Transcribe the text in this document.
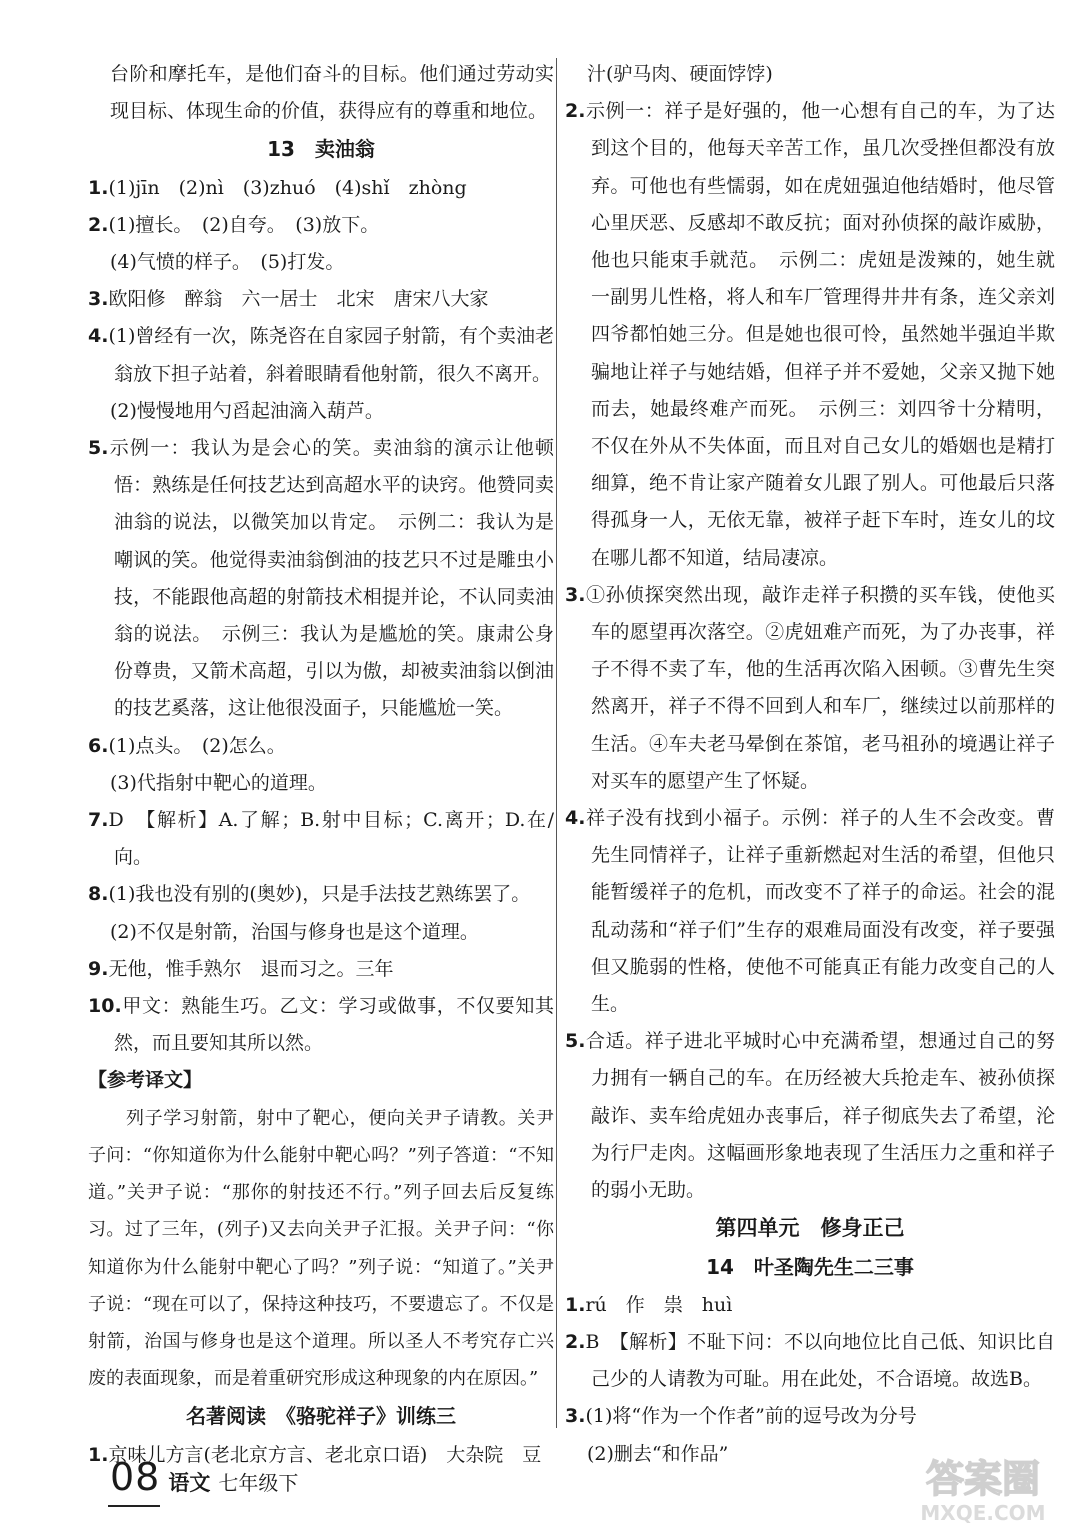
台阶和摩托车，是他们奋斗的目标。他们通过劳动实现目标、体现生命的价值，获得应有的尊重和地位。

13　卖油翁

1.(1)jīn　(2)nì　(3)zhuó　(4)shǐ　zhòng

2.(1)擅长。　(2)自夸。　(3)放下。

(4)气愤的样子。　(5)打发。

3.欧阳修　醉翁　六一居士　北宋　唐宋八大家

4.(1)曾经有一次，陈尧咨在自家园子射箭，有个卖油老翁放下担子站着，斜着眼睛看他射箭，很久不离开。

(2)慢慢地用勺舀起油滴入葫芦。

5.示例一：我认为是会心的笑。卖油翁的演示让他顿悟：熟练是任何技艺达到高超水平的诀窍。他赞同卖油翁的说法，以微笑加以肯定。　示例二：我认为是嘲讽的笑。他觉得卖油翁倒油的技艺只不过是雕虫小技，不能跟他高超的射箭技术相提并论，不认同卖油翁的说法。　示例三：我认为是尴尬的笑。康肃公身份尊贵，又箭术高超，引以为傲，却被卖油翁以倒油的技艺奚落，这让他很没面子，只能尴尬一笑。

6.(1)点头。　(2)怎么。

(3)代指射中靶心的道理。

7.D　【解析】A.了解；B.射中目标；C.离开；D.在/向。

8.(1)我也没有别的(奥妙)，只是手法技艺熟练罢了。

(2)不仅是射箭，治国与修身也是这个道理。

9.无他，惟手熟尔　退而习之。三年

10.甲文：熟能生巧。乙文：学习或做事，不仅要知其然，而且要知其所以然。

【参考译文】

列子学习射箭，射中了靶心，便向关尹子请教。关尹子问：“你知道你为什么能射中靶心吗？”列子答道：“不知道。”关尹子说：“那你的射技还不行。”列子回去后反复练习。过了三年，(列子)又去向关尹子汇报。关尹子问：“你知道你为什么能射中靶心了吗？”列子说：“知道了。”关尹子说：“现在可以了，保持这种技巧，不要遗忘了。不仅是射箭，治国与修身也是这个道理。所以圣人不考究存亡兴废的表面现象，而是着重研究形成这种现象的内在原因。”

名著阅读　《骆驼祥子》训练三

1.京味儿方言(老北京方言、老北京口语)　大杂院　豆

汁(驴马肉、硬面饽饽)

2.示例一：祥子是好强的，他一心想有自己的车，为了达到这个目的，他每天辛苦工作，虽几次受挫但都没有放弃。可他也有些懦弱，如在虎妞强迫他结婚时，他尽管心里厌恶、反感却不敢反抗；面对孙侦探的敲诈威胁，他也只能束手就范。　示例二：虎妞是泼辣的，她生就一副男儿性格，将人和车厂管理得井井有条，连父亲刘四爷都怕她三分。但是她也很可怜，虽然她半强迫半欺骗地让祥子与她结婚，但祥子并不爱她，父亲又抛下她而去，她最终难产而死。　示例三：刘四爷十分精明，不仅在外从不失体面，而且对自己女儿的婚姻也是精打细算，绝不肯让家产随着女儿跟了别人。可他最后只落得孤身一人，无依无靠，被祥子赶下车时，连女儿的坟在哪儿都不知道，结局凄凉。

3.①孙侦探突然出现，敲诈走祥子积攒的买车钱，使他买车的愿望再次落空。②虎妞难产而死，为了办丧事，祥子不得不卖了车，他的生活再次陷入困顿。③曹先生突然离开，祥子不得不回到人和车厂，继续过以前那样的生活。④车夫老马晕倒在茶馆，老马祖孙的境遇让祥子对买车的愿望产生了怀疑。

4.祥子没有找到小福子。示例：祥子的人生不会改变。曹先生同情祥子，让祥子重新燃起对生活的希望，但他只能暂缓祥子的危机，而改变不了祥子的命运。社会的混乱动荡和“祥子们”生存的艰难局面没有改变，祥子要强但又脆弱的性格，使他不可能真正有能力改变自己的人生。

5.合适。祥子进北平城时心中充满希望，想通过自己的努力拥有一辆自己的车。在历经被大兵抢走车、被孙侦探敲诈、卖车给虎妞办丧事后，祥子彻底失去了希望，沦为行尸走肉。这幅画形象地表现了生活压力之重和祥子的弱小无助。

第四单元　修身正己
14　叶圣陶先生二三事

1.rú　作　祟　huì

2.B　【解析】不耻下问：不以向地位比自己低、知识比自己少的人请教为可耻。用在此处，不合语境。故选B。

3.(1)将“作为一个作者”前的逗号改为分号

(2)删去“和作品”

08 语文 七年级下	答案圈
MXQE.COM
